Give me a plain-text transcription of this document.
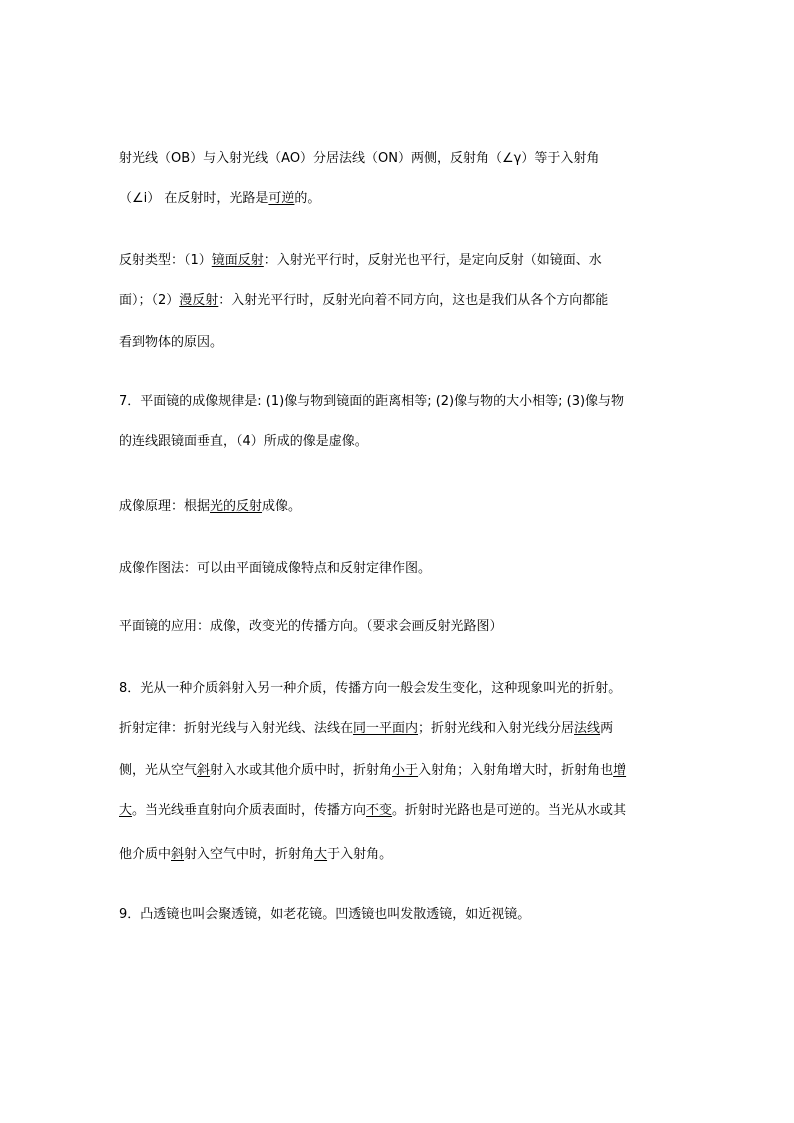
射光线（OB）与入射光线（AO）分居法线（ON）两侧，反射角（∠γ）等于入射角
（∠i） 在反射时，光路是可逆的。
反射类型：（1）镜面反射：入射光平行时，反射光也平行，是定向反射（如镜面、水
面）；（2）漫反射：入射光平行时，反射光向着不同方向，这也是我们从各个方向都能
看到物体的原因。
7．平面镜的成像规律是: (1)像与物到镜面的距离相等; (2)像与物的大小相等; (3)像与物
的连线跟镜面垂直，（4）所成的像是虚像。
成像原理：根据光的反射成像。
成像作图法：可以由平面镜成像特点和反射定律作图。
平面镜的应用：成像，改变光的传播方向。（要求会画反射光路图）
8．光从一种介质斜射入另一种介质，传播方向一般会发生变化，这种现象叫光的折射。
折射定律：折射光线与入射光线、法线在同一平面内；折射光线和入射光线分居法线两
侧，光从空气斜射入水或其他介质中时，折射角小于入射角；入射角增大时，折射角也增
大。当光线垂直射向介质表面时，传播方向不变。折射时光路也是可逆的。当光从水或其
他介质中斜射入空气中时，折射角大于入射角。
9．凸透镜也叫会聚透镜，如老花镜。凹透镜也叫发散透镜，如近视镜。
